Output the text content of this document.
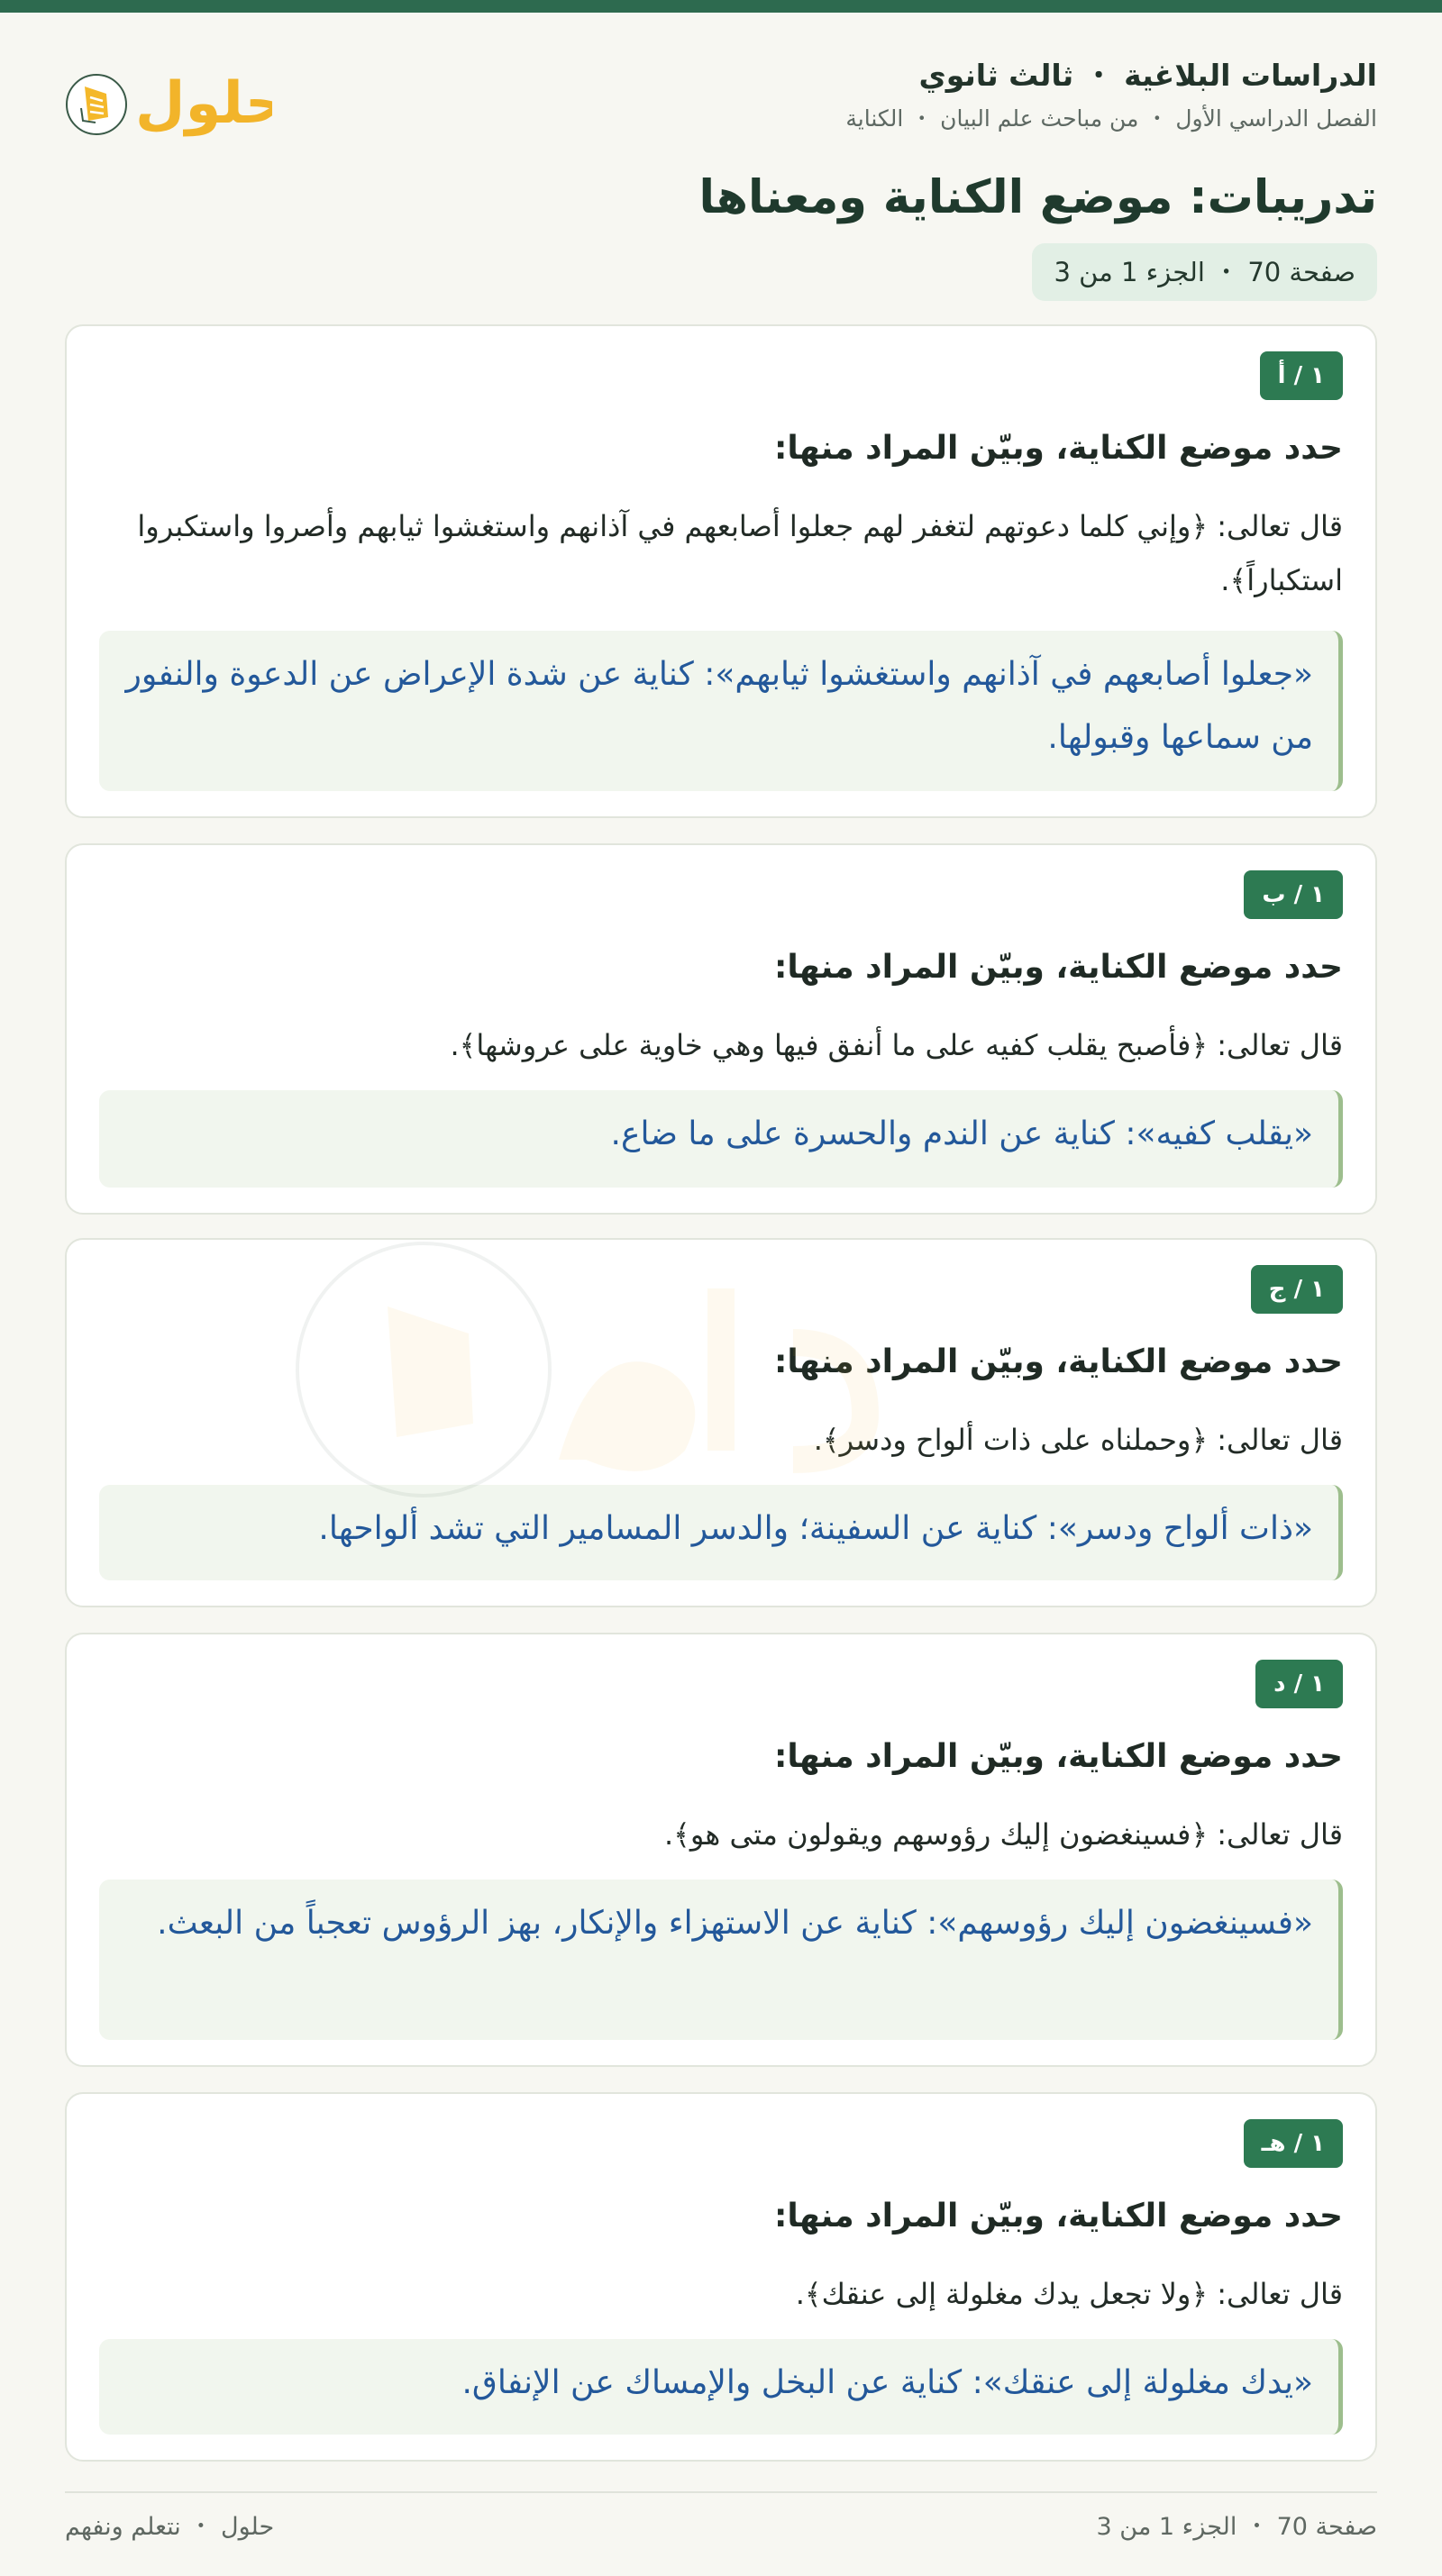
الدراسات البلاغية ・ ثالث ثانوي
الفصل الدراسي الأول ・ من مباحث علم البيان ・ الكناية
حلول
تدريبات: موضع الكناية ومعناها
صفحة 70 ・ الجزء 1 من 3
١ / أ
حدد موضع الكناية، وبيّن المراد منها:
قال تعالى: ﴿وإني كلما دعوتهم لتغفر لهم جعلوا أصابعهم في آذانهم واستغشوا ثيابهم وأصروا واستكبروا استكباراً﴾.
«جعلوا أصابعهم في آذانهم واستغشوا ثيابهم»: كناية عن شدة الإعراض عن الدعوة والنفور من سماعها وقبولها.
١ / ب
حدد موضع الكناية، وبيّن المراد منها:
قال تعالى: ﴿فأصبح يقلب كفيه على ما أنفق فيها وهي خاوية على عروشها﴾.
«يقلب كفيه»: كناية عن الندم والحسرة على ما ضاع.
١ / ج
حدد موضع الكناية، وبيّن المراد منها:
قال تعالى: ﴿وحملناه على ذات ألواح ودسر﴾.
«ذات ألواح ودسر»: كناية عن السفينة؛ والدسر المسامير التي تشد ألواحها.
١ / د
حدد موضع الكناية، وبيّن المراد منها:
قال تعالى: ﴿فسينغضون إليك رؤوسهم ويقولون متى هو﴾.
«فسينغضون إليك رؤوسهم»: كناية عن الاستهزاء والإنكار، بهز الرؤوس تعجباً من البعث.
١ / هـ
حدد موضع الكناية، وبيّن المراد منها:
قال تعالى: ﴿ولا تجعل يدك مغلولة إلى عنقك﴾.
«يدك مغلولة إلى عنقك»: كناية عن البخل والإمساك عن الإنفاق.
صفحة 70 ・ الجزء 1 من 3
حلول ・ نتعلم ونفهم
